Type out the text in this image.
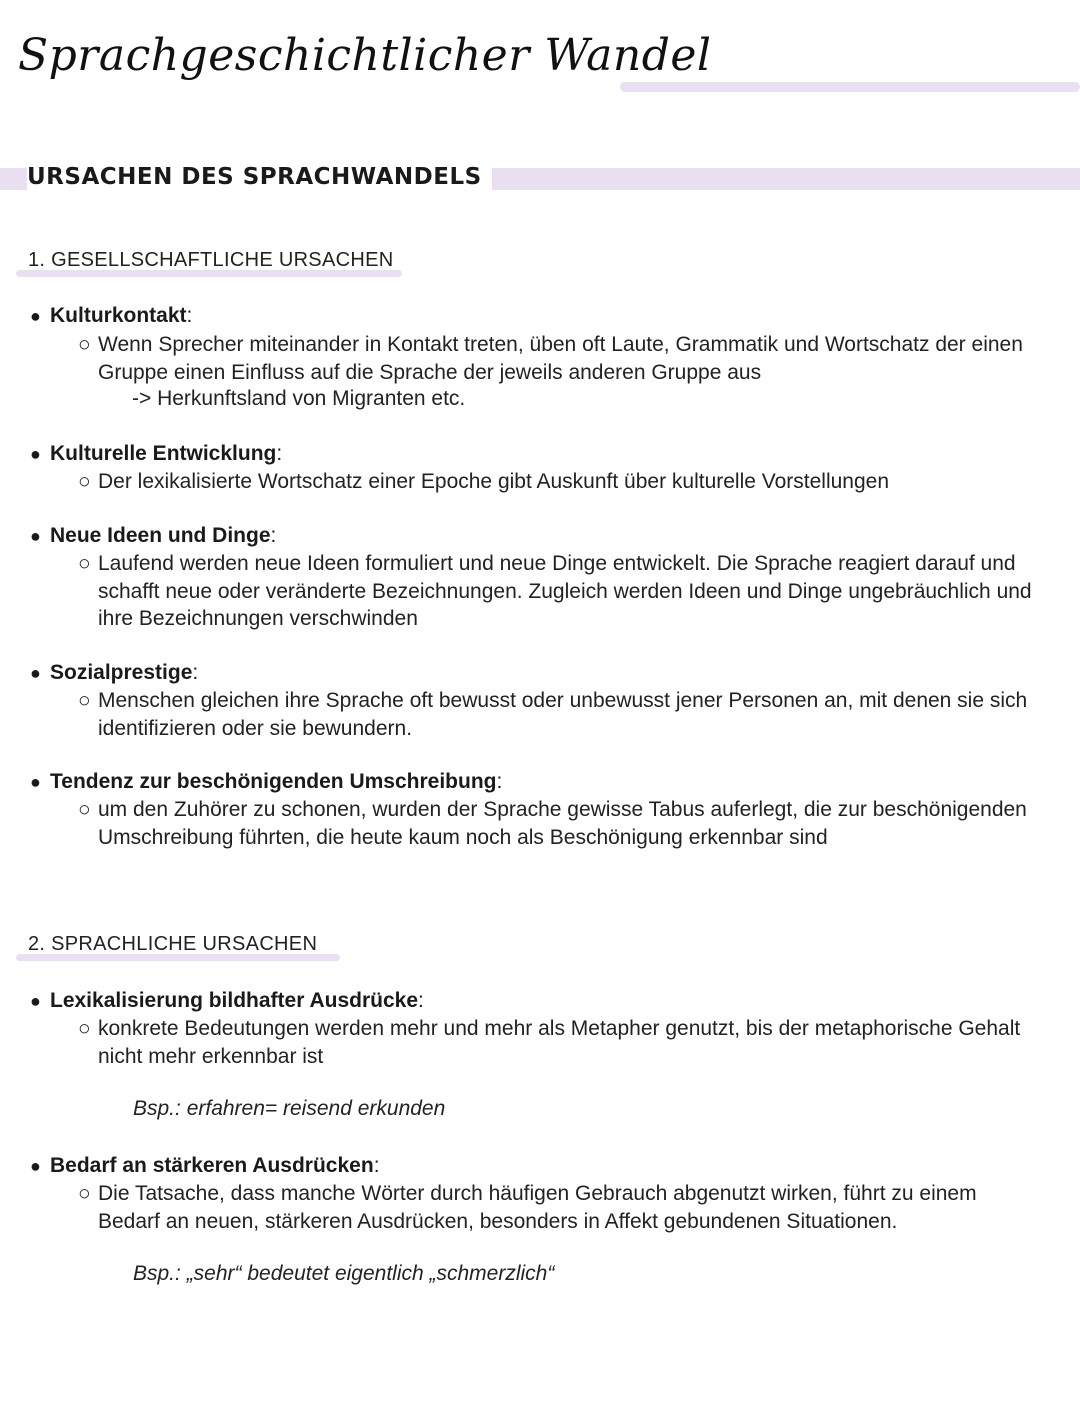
Sprachgeschichtlicher Wandel
URSACHEN DES SPRACHWANDELS
1. GESELLSCHAFTLICHE URSACHEN
● Kulturkontakt:
○ Wenn Sprecher miteinander in Kontakt treten, üben oft Laute, Grammatik und Wortschatz der einen Gruppe einen Einfluss auf die Sprache der jeweils anderen Gruppe aus
-> Herkunftsland von Migranten etc.
● Kulturelle Entwicklung:
○ Der lexikalisierte Wortschatz einer Epoche gibt Auskunft über kulturelle Vorstellungen
● Neue Ideen und Dinge:
○ Laufend werden neue Ideen formuliert und neue Dinge entwickelt. Die Sprache reagiert darauf und schafft neue oder veränderte Bezeichnungen. Zugleich werden Ideen und Dinge ungebräuchlich und ihre Bezeichnungen verschwinden
● Sozialprestige:
○ Menschen gleichen ihre Sprache oft bewusst oder unbewusst jener Personen an, mit denen sie sich identifizieren oder sie bewundern.
● Tendenz zur beschönigenden Umschreibung:
○ um den Zuhörer zu schonen, wurden der Sprache gewisse Tabus auferlegt, die zur beschönigenden Umschreibung führten, die heute kaum noch als Beschönigung erkennbar sind
2. SPRACHLICHE URSACHEN
● Lexikalisierung bildhafter Ausdrücke:
○ konkrete Bedeutungen werden mehr und mehr als Metapher genutzt, bis der metaphorische Gehalt nicht mehr erkennbar ist
Bsp.: erfahren= reisend erkunden
● Bedarf an stärkeren Ausdrücken:
○ Die Tatsache, dass manche Wörter durch häufigen Gebrauch abgenutzt wirken, führt zu einem Bedarf an neuen, stärkeren Ausdrücken, besonders in Affekt gebundenen Situationen.
Bsp.: „sehr“ bedeutet eigentlich „schmerzlich“
